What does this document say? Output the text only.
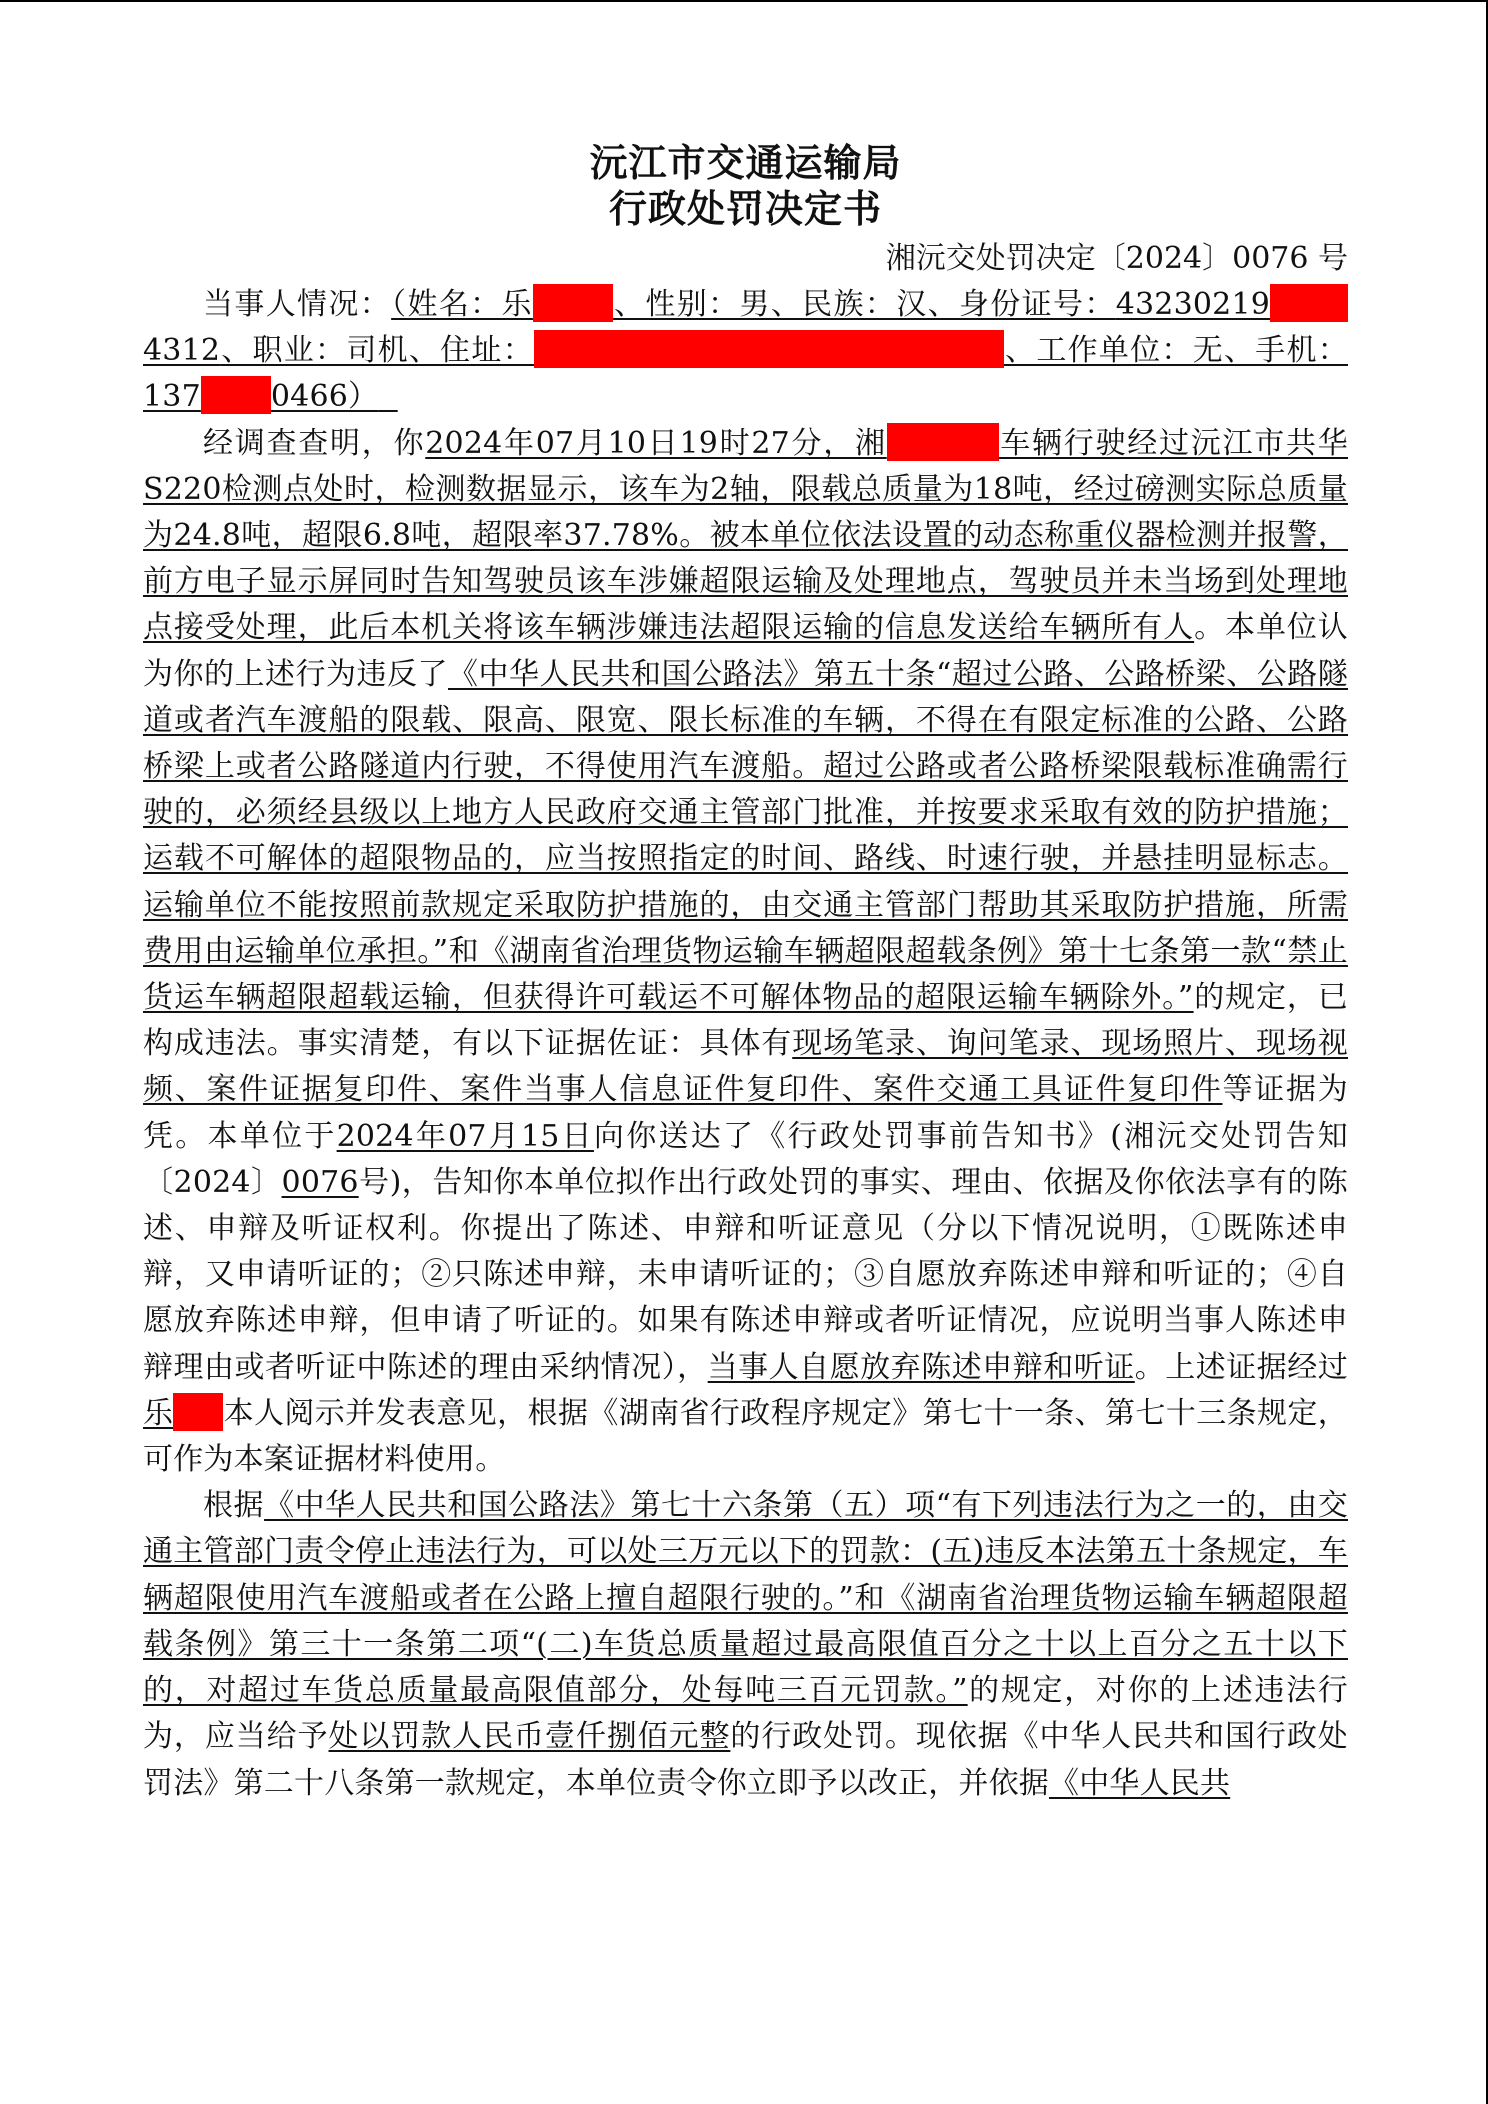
沅江市交通运输局
行政处罚决定书
湘沅交处罚决定〔2024〕0076 号

当事人情况：（姓名：乐	、性别：男、民族：汉、身份证号：432302194312、职业：司机、住址：	、工作单位：无、手机：137 0466）

经调查查明，你2024年07月10日19时27分，湘	车辆行驶经过沅江市共华S220检测点处时，检测数据显示，该车为2轴，限载总质量为18吨，经过磅测实际总质量为24.8吨，超限6.8吨，超限率37.78%。被本单位依法设置的动态称重仪器检测并报警，前方电子显示屏同时告知驾驶员该车涉嫌超限运输及处理地点，驾驶员并未当场到处理地点接受处理，此后本机关将该车辆涉嫌违法超限运输的信息发送给车辆所有人。本单位认为你的上述行为违反了《中华人民共和国公路法》第五十条“超过公路、公路桥梁、公路隧道或者汽车渡船的限载、限高、限宽、限长标准的车辆，不得在有限定标准的公路、公路桥梁上或者公路隧道内行驶，不得使用汽车渡船。超过公路或者公路桥梁限载标准确需行驶的，必须经县级以上地方人民政府交通主管部门批准，并按要求采取有效的防护措施；运载不可解体的超限物品的，应当按照指定的时间、路线、时速行驶，并悬挂明显标志。运输单位不能按照前款规定采取防护措施的，由交通主管部门帮助其采取防护措施，所需费用由运输单位承担。”和《湖南省治理货物运输车辆超限超载条例》第十七条第一款“禁止货运车辆超限超载运输，但获得许可载运不可解体物品的超限运输车辆除外。”的规定，已构成违法。事实清楚，有以下证据佐证：具体有现场笔录、询问笔录、现场照片、现场视频、案件证据复印件、案件当事人信息证件复印件、案件交通工具证件复印件等证据为凭。本单位于2024年07月15日向你送达了《行政处罚事前告知书》(湘沅交处罚告知〔2024〕0076号)，告知你本单位拟作出行政处罚的事实、理由、依据及你依法享有的陈述、申辩及听证权利。你提出了陈述、申辩和听证意见（分以下情况说明，①既陈述申辩，又申请听证的；②只陈述申辩，未申请听证的；③自愿放弃陈述申辩和听证的；④自愿放弃陈述申辩，但申请了听证的。如果有陈述申辩或者听证情况，应说明当事人陈述申辩理由或者听证中陈述的理由采纳情况），当事人自愿放弃陈述申辩和听证。上述证据经过乐 本人阅示并发表意见，根据《湖南省行政程序规定》第七十一条、第七十三条规定，可作为本案证据材料使用。

根据《中华人民共和国公路法》第七十六条第（五）项“有下列违法行为之一的，由交通主管部门责令停止违法行为，可以处三万元以下的罚款：(五)违反本法第五十条规定，车辆超限使用汽车渡船或者在公路上擅自超限行驶的。”和《湖南省治理货物运输车辆超限超载条例》第三十一条第二项“(二)车货总质量超过最高限值百分之十以上百分之五十以下的，对超过车货总质量最高限值部分，处每吨三百元罚款。”的规定，对你的上述违法行为，应当给予处以罚款人民币壹仟捌佰元整的行政处罚。现依据《中华人民共和国行政处罚法》第二十八条第一款规定，本单位责令你立即予以改正，并依据《中华人民共
